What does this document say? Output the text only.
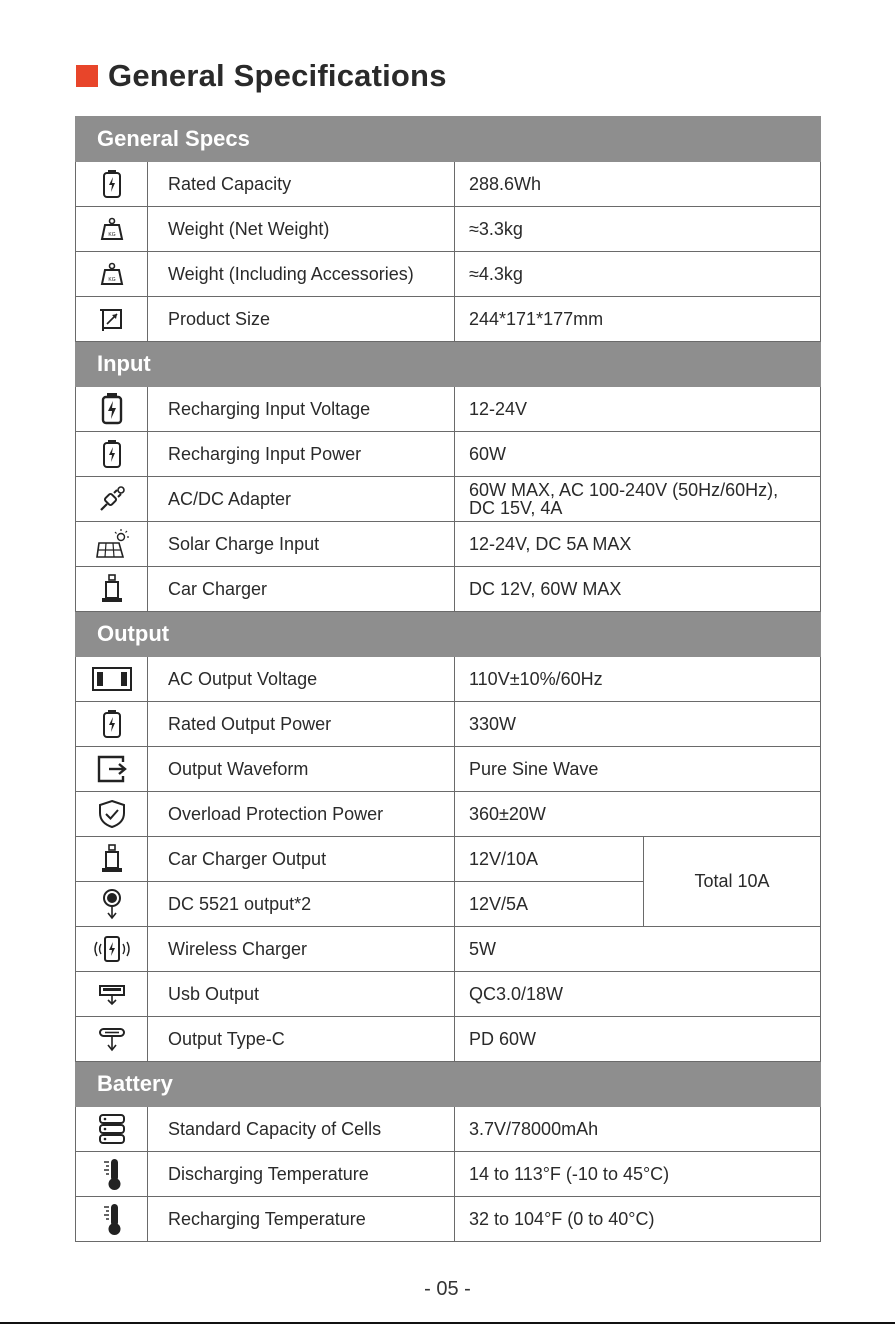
General Specifications
General Specs			

	Rated Capacity	288.6Wh	

KG	Weight (Net Weight)	≈3.3kg	

KG	Weight (Including Accessories)	≈4.3kg	

	Product Size	244*171*177mm	
Input			

	Recharging Input Voltage	12-24V	

	Recharging Input Power	60W	

	AC/DC Adapter	60W MAX, AC 100-240V (50Hz/60Hz),
DC 15V, 4A	

	Solar Charge Input	12-24V, DC 5A MAX	

	Car Charger	DC 12V, 60W MAX	
Output			

	AC Output Voltage	110V±10%/60Hz	

	Rated Output Power	330W	

	Output Waveform	Pure Sine Wave	

	Overload Protection Power	360±20W	

	Car Charger Output	12V/10A	Total 10A

	DC 5521 output*2	12V/5A	

	Wireless Charger	5W	

	Usb Output	QC3.0/18W	

	Output Type-C	PD 60W	
Battery			

	Standard Capacity of Cells	3.7V/78000mAh	

	Discharging Temperature	14 to 113°F (-10 to 45°C)	

	Recharging Temperature	32 to 104°F (0 to 40°C)	
- 05 -
